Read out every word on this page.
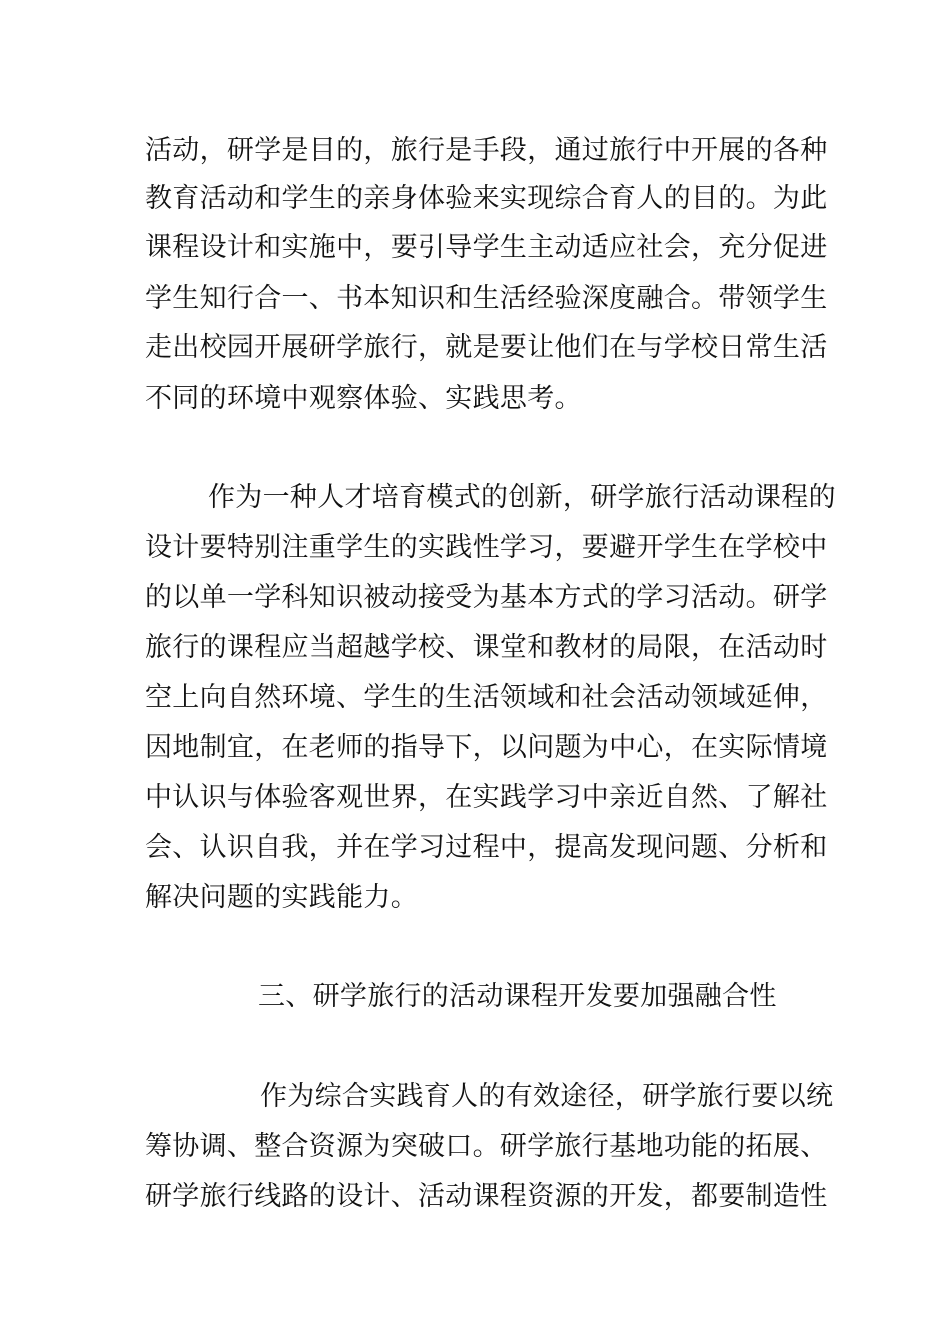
活动，研学是目的，旅行是手段，通过旅行中开展的各种
教育活动和学生的亲身体验来实现综合育人的目的。为此
课程设计和实施中，要引导学生主动适应社会，充分促进
学生知行合一、书本知识和生活经验深度融合。带领学生
走出校园开展研学旅行，就是要让他们在与学校日常生活
不同的环境中观察体验、实践思考。
作为一种人才培育模式的创新，研学旅行活动课程的
设计要特别注重学生的实践性学习，要避开学生在学校中
的以单一学科知识被动接受为基本方式的学习活动。研学
旅行的课程应当超越学校、课堂和教材的局限，在活动时
空上向自然环境、学生的生活领域和社会活动领域延伸，
因地制宜，在老师的指导下，以问题为中心，在实际情境
中认识与体验客观世界，在实践学习中亲近自然、了解社
会、认识自我，并在学习过程中，提高发现问题、分析和
解决问题的实践能力。
三、研学旅行的活动课程开发要加强融合性
作为综合实践育人的有效途径，研学旅行要以统
筹协调、整合资源为突破口。研学旅行基地功能的拓展、
研学旅行线路的设计、活动课程资源的开发，都要制造性
